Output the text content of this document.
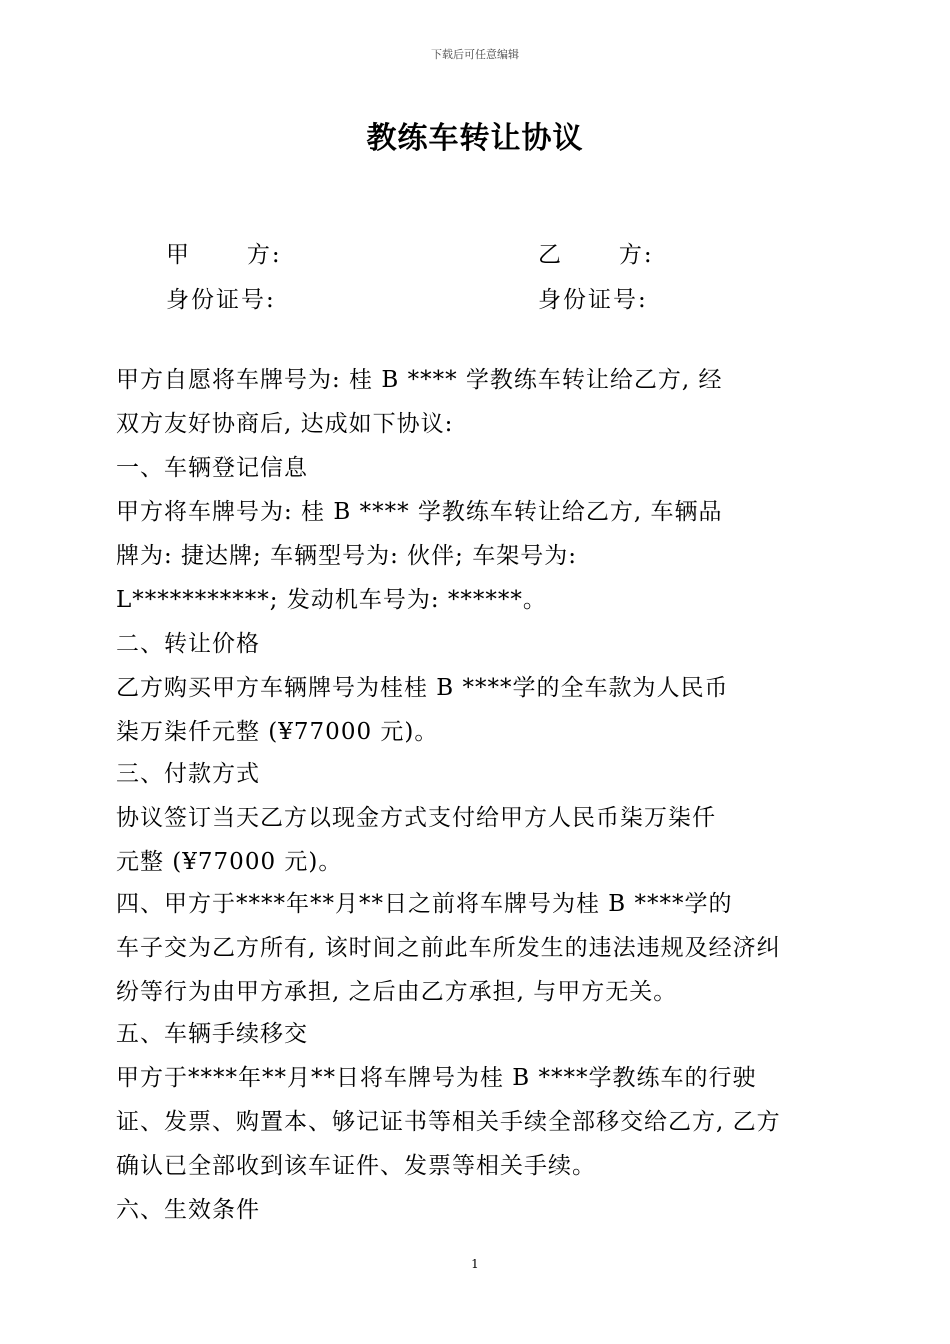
下载后可任意编辑
教练车转让协议
甲      方:	乙      方:
身份证号:	身份证号:
甲方自愿将车牌号为: 桂 B **** 学教练车转让给乙方, 经
双方友好协商后, 达成如下协议:
一、车辆登记信息
甲方将车牌号为: 桂 B **** 学教练车转让给乙方, 车辆品
牌为: 捷达牌; 车辆型号为: 伙伴; 车架号为:
L***********; 发动机车号为: ******。
二、转让价格
乙方购买甲方车辆牌号为桂桂 B ****学的全车款为人民币
柒万柒仟元整 (¥77000 元)。
三、付款方式
协议签订当天乙方以现金方式支付给甲方人民币柒万柒仟
元整 (¥77000 元)。
四、甲方于****年**月**日之前将车牌号为桂 B ****学的
车子交为乙方所有, 该时间之前此车所发生的违法违规及经济纠
纷等行为由甲方承担, 之后由乙方承担, 与甲方无关。
五、车辆手续移交
甲方于****年**月**日将车牌号为桂 B ****学教练车的行驶
证、发票、购置本、够记证书等相关手续全部移交给乙方, 乙方
确认已全部收到该车证件、发票等相关手续。
六、生效条件
1
